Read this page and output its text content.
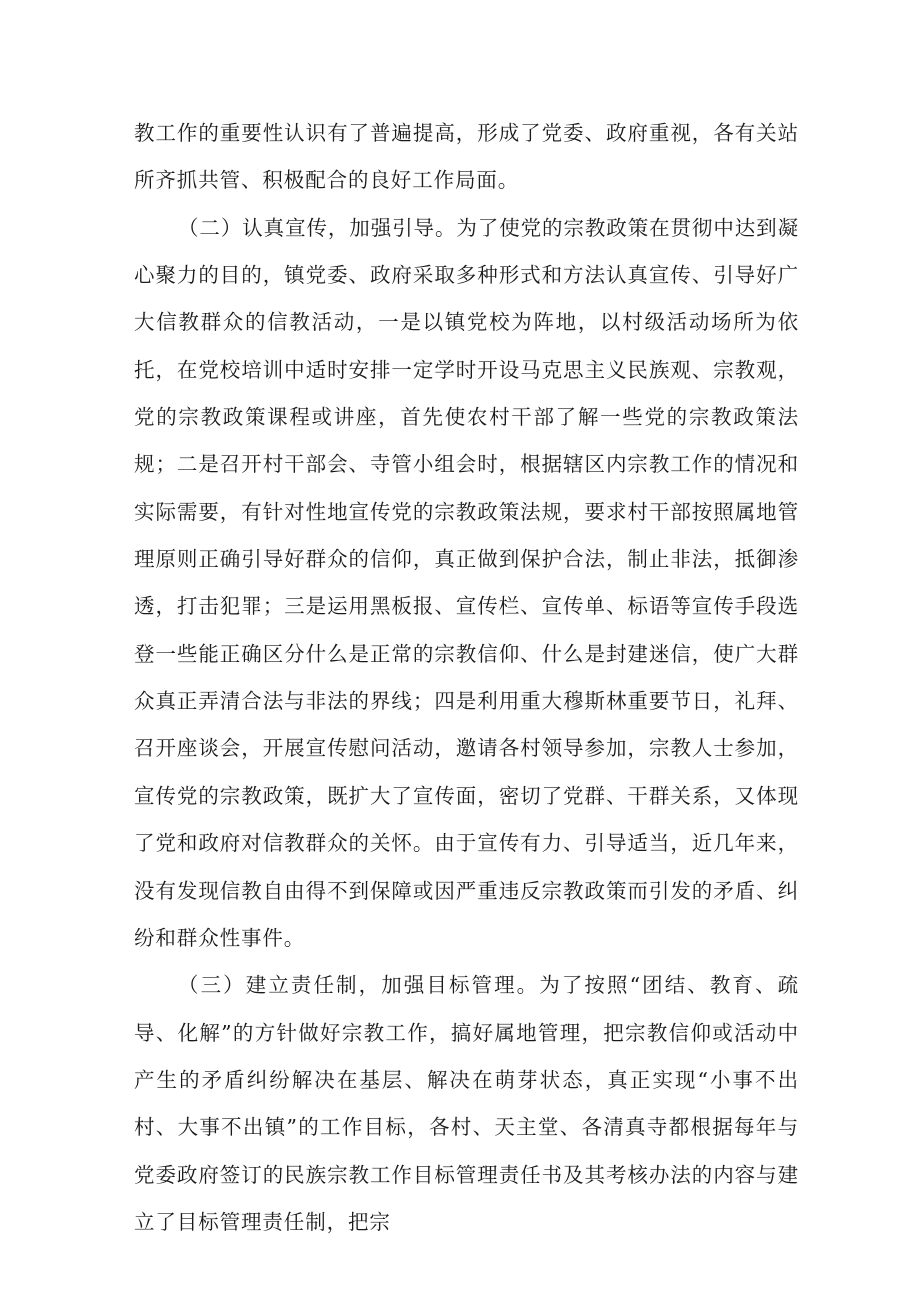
教工作的重要性认识有了普遍提高，形成了党委、政府重视，各有关站所齐抓共管、积极配合的良好工作局面。

（二）认真宣传，加强引导。为了使党的宗教政策在贯彻中达到凝心聚力的目的，镇党委、政府采取多种形式和方法认真宣传、引导好广大信教群众的信教活动，一是以镇党校为阵地，以村级活动场所为依托，在党校培训中适时安排一定学时开设马克思主义民族观、宗教观，党的宗教政策课程或讲座，首先使农村干部了解一些党的宗教政策法规；二是召开村干部会、寺管小组会时，根据辖区内宗教工作的情况和实际需要，有针对性地宣传党的宗教政策法规，要求村干部按照属地管理原则正确引导好群众的信仰，真正做到保护合法，制止非法，抵御渗透，打击犯罪；三是运用黑板报、宣传栏、宣传单、标语等宣传手段选登一些能正确区分什么是正常的宗教信仰、什么是封建迷信，使广大群众真正弄清合法与非法的界线；四是利用重大穆斯林重要节日，礼拜、召开座谈会，开展宣传慰问活动，邀请各村领导参加，宗教人士参加，宣传党的宗教政策，既扩大了宣传面，密切了党群、干群关系，又体现了党和政府对信教群众的关怀。由于宣传有力、引导适当，近几年来，没有发现信教自由得不到保障或因严重违反宗教政策而引发的矛盾、纠纷和群众性事件。

（三）建立责任制，加强目标管理。为了按照“团结、教育、疏导、化解”的方针做好宗教工作，搞好属地管理，把宗教信仰或活动中产生的矛盾纠纷解决在基层、解决在萌芽状态，真正实现“小事不出村、大事不出镇”的工作目标，各村、天主堂、各清真寺都根据每年与党委政府签订的民族宗教工作目标管理责任书及其考核办法的内容与建立了目标管理责任制，把宗
